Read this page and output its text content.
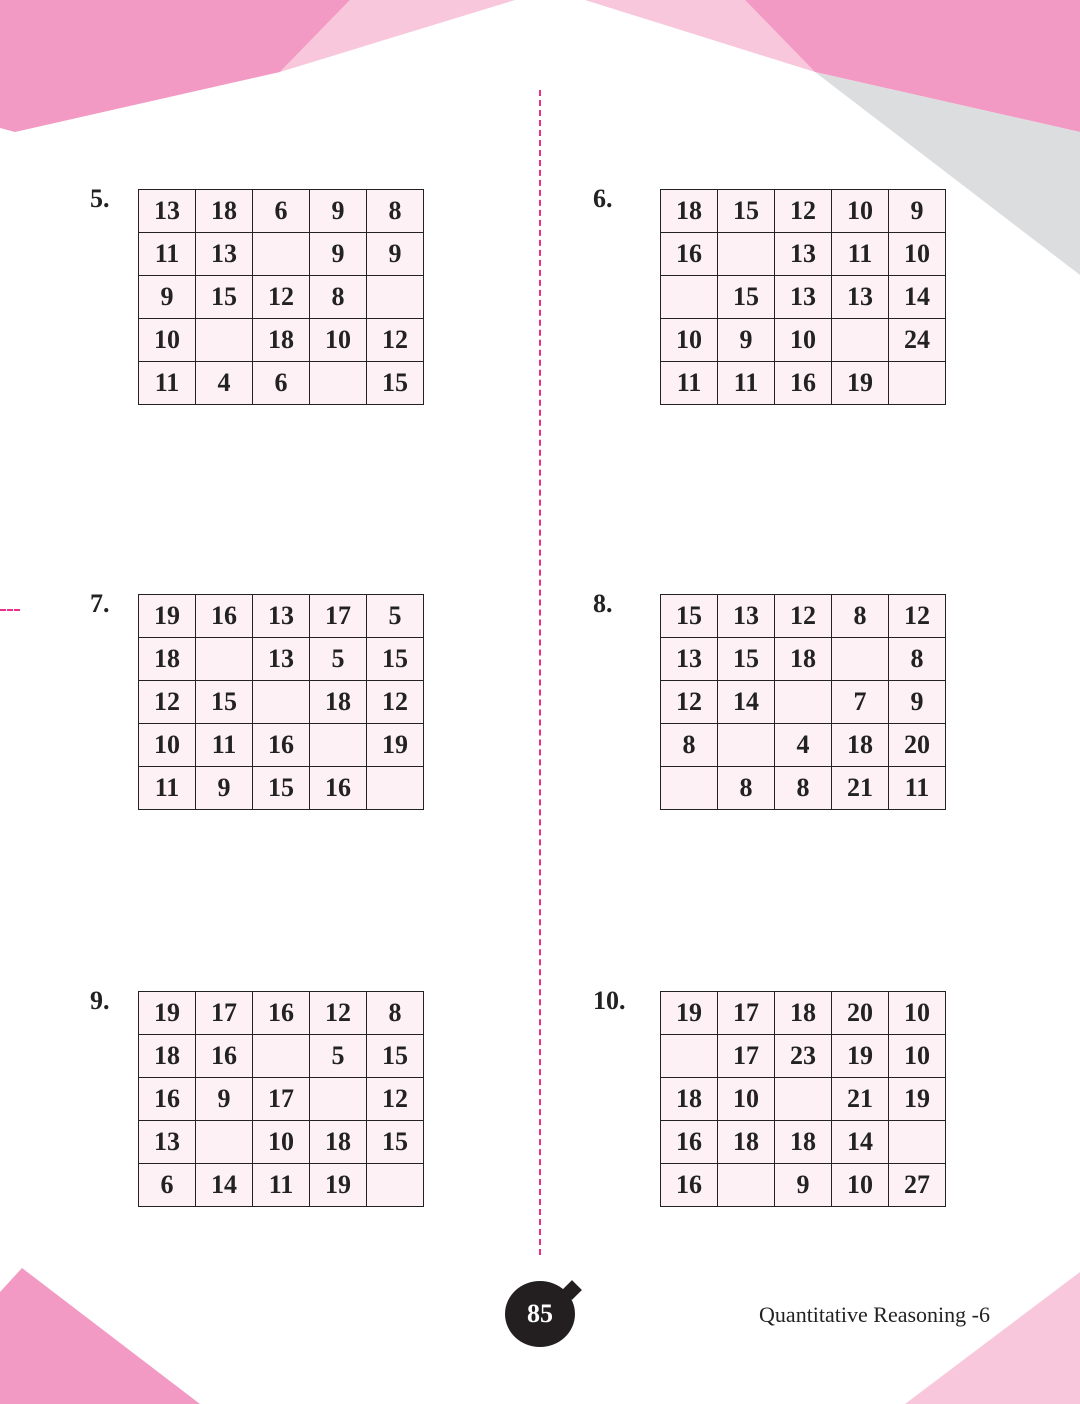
5. 13	18	6	9	8
11	13		9	9
9	15	12	8	
10		18	10	12
11	4	6		15
6. 18	15	12	10	9
16		13	11	10
	15	13	13	14
10	9	10		24
11	11	16	19	
7. 19	16	13	17	5
18		13	5	15
12	15		18	12
10	11	16		19
11	9	15	16	
8. 15	13	12	8	12
13	15	18		8
12	14		7	9
8		4	18	20
	8	8	21	11
9. 19	17	16	12	8
18	16		5	15
16	9	17		12
13		10	18	15
6	14	11	19	
10. 19	17	18	20	10
	17	23	19	10
18	10		21	19
16	18	18	14	
16		9	10	27
85	Quantitative Reasoning -6
